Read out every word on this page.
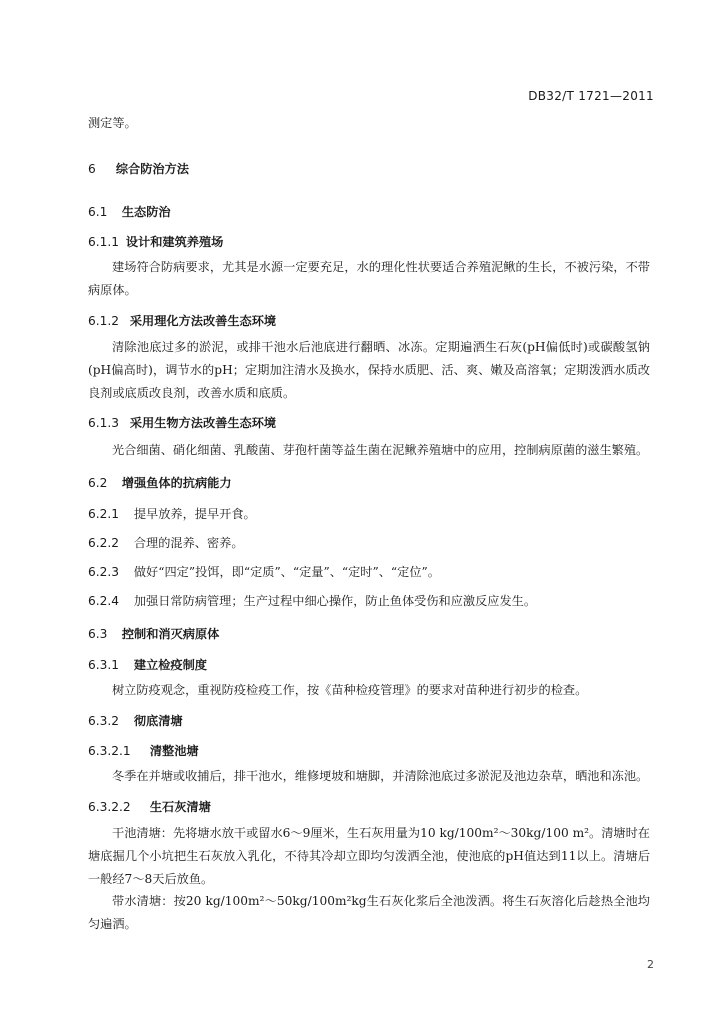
DB32/T 1721—2011
测定等。
6 综合防治方法
6.1 生态防治
6.1.1 设计和建筑养殖场
建场符合防病要求，尤其是水源一定要充足，水的理化性状要适合养殖泥鳅的生长，不被污染，不带病原体。
6.1.2 采用理化方法改善生态环境
清除池底过多的淤泥，或排干池水后池底进行翻晒、冰冻。定期遍洒生石灰(pH偏低时)或碳酸氢钠(pH偏高时)，调节水的pH；定期加注清水及换水，保持水质肥、活、爽、嫩及高溶氧；定期泼洒水质改良剂或底质改良剂，改善水质和底质。
6.1.3 采用生物方法改善生态环境
光合细菌、硝化细菌、乳酸菌、芽孢杆菌等益生菌在泥鳅养殖塘中的应用，控制病原菌的滋生繁殖。
6.2 增强鱼体的抗病能力
6.2.1 提早放养，提早开食。
6.2.2 合理的混养、密养。
6.2.3 做好“四定”投饵，即“定质”、“定量”、“定时”、“定位”。
6.2.4 加强日常防病管理；生产过程中细心操作，防止鱼体受伤和应激反应发生。
6.3 控制和消灭病原体
6.3.1 建立检疫制度
树立防疫观念，重视防疫检疫工作，按《苗种检疫管理》的要求对苗种进行初步的检查。
6.3.2 彻底清塘
6.3.2.1 清整池塘
冬季在并塘或收捕后，排干池水，维修埂坡和塘脚，并清除池底过多淤泥及池边杂草，晒池和冻池。
6.3.2.2 生石灰清塘
干池清塘：先将塘水放干或留水6～9厘米，生石灰用量为10 kg/100m²～30kg/100 m²。清塘时在塘底掘几个小坑把生石灰放入乳化，不待其冷却立即均匀泼洒全池，使池底的pH值达到11以上。清塘后一般经7～8天后放鱼。
带水清塘：按20 kg/100m²～50kg/100m²kg生石灰化浆后全池泼洒。将生石灰溶化后趁热全池均匀遍洒。
2
